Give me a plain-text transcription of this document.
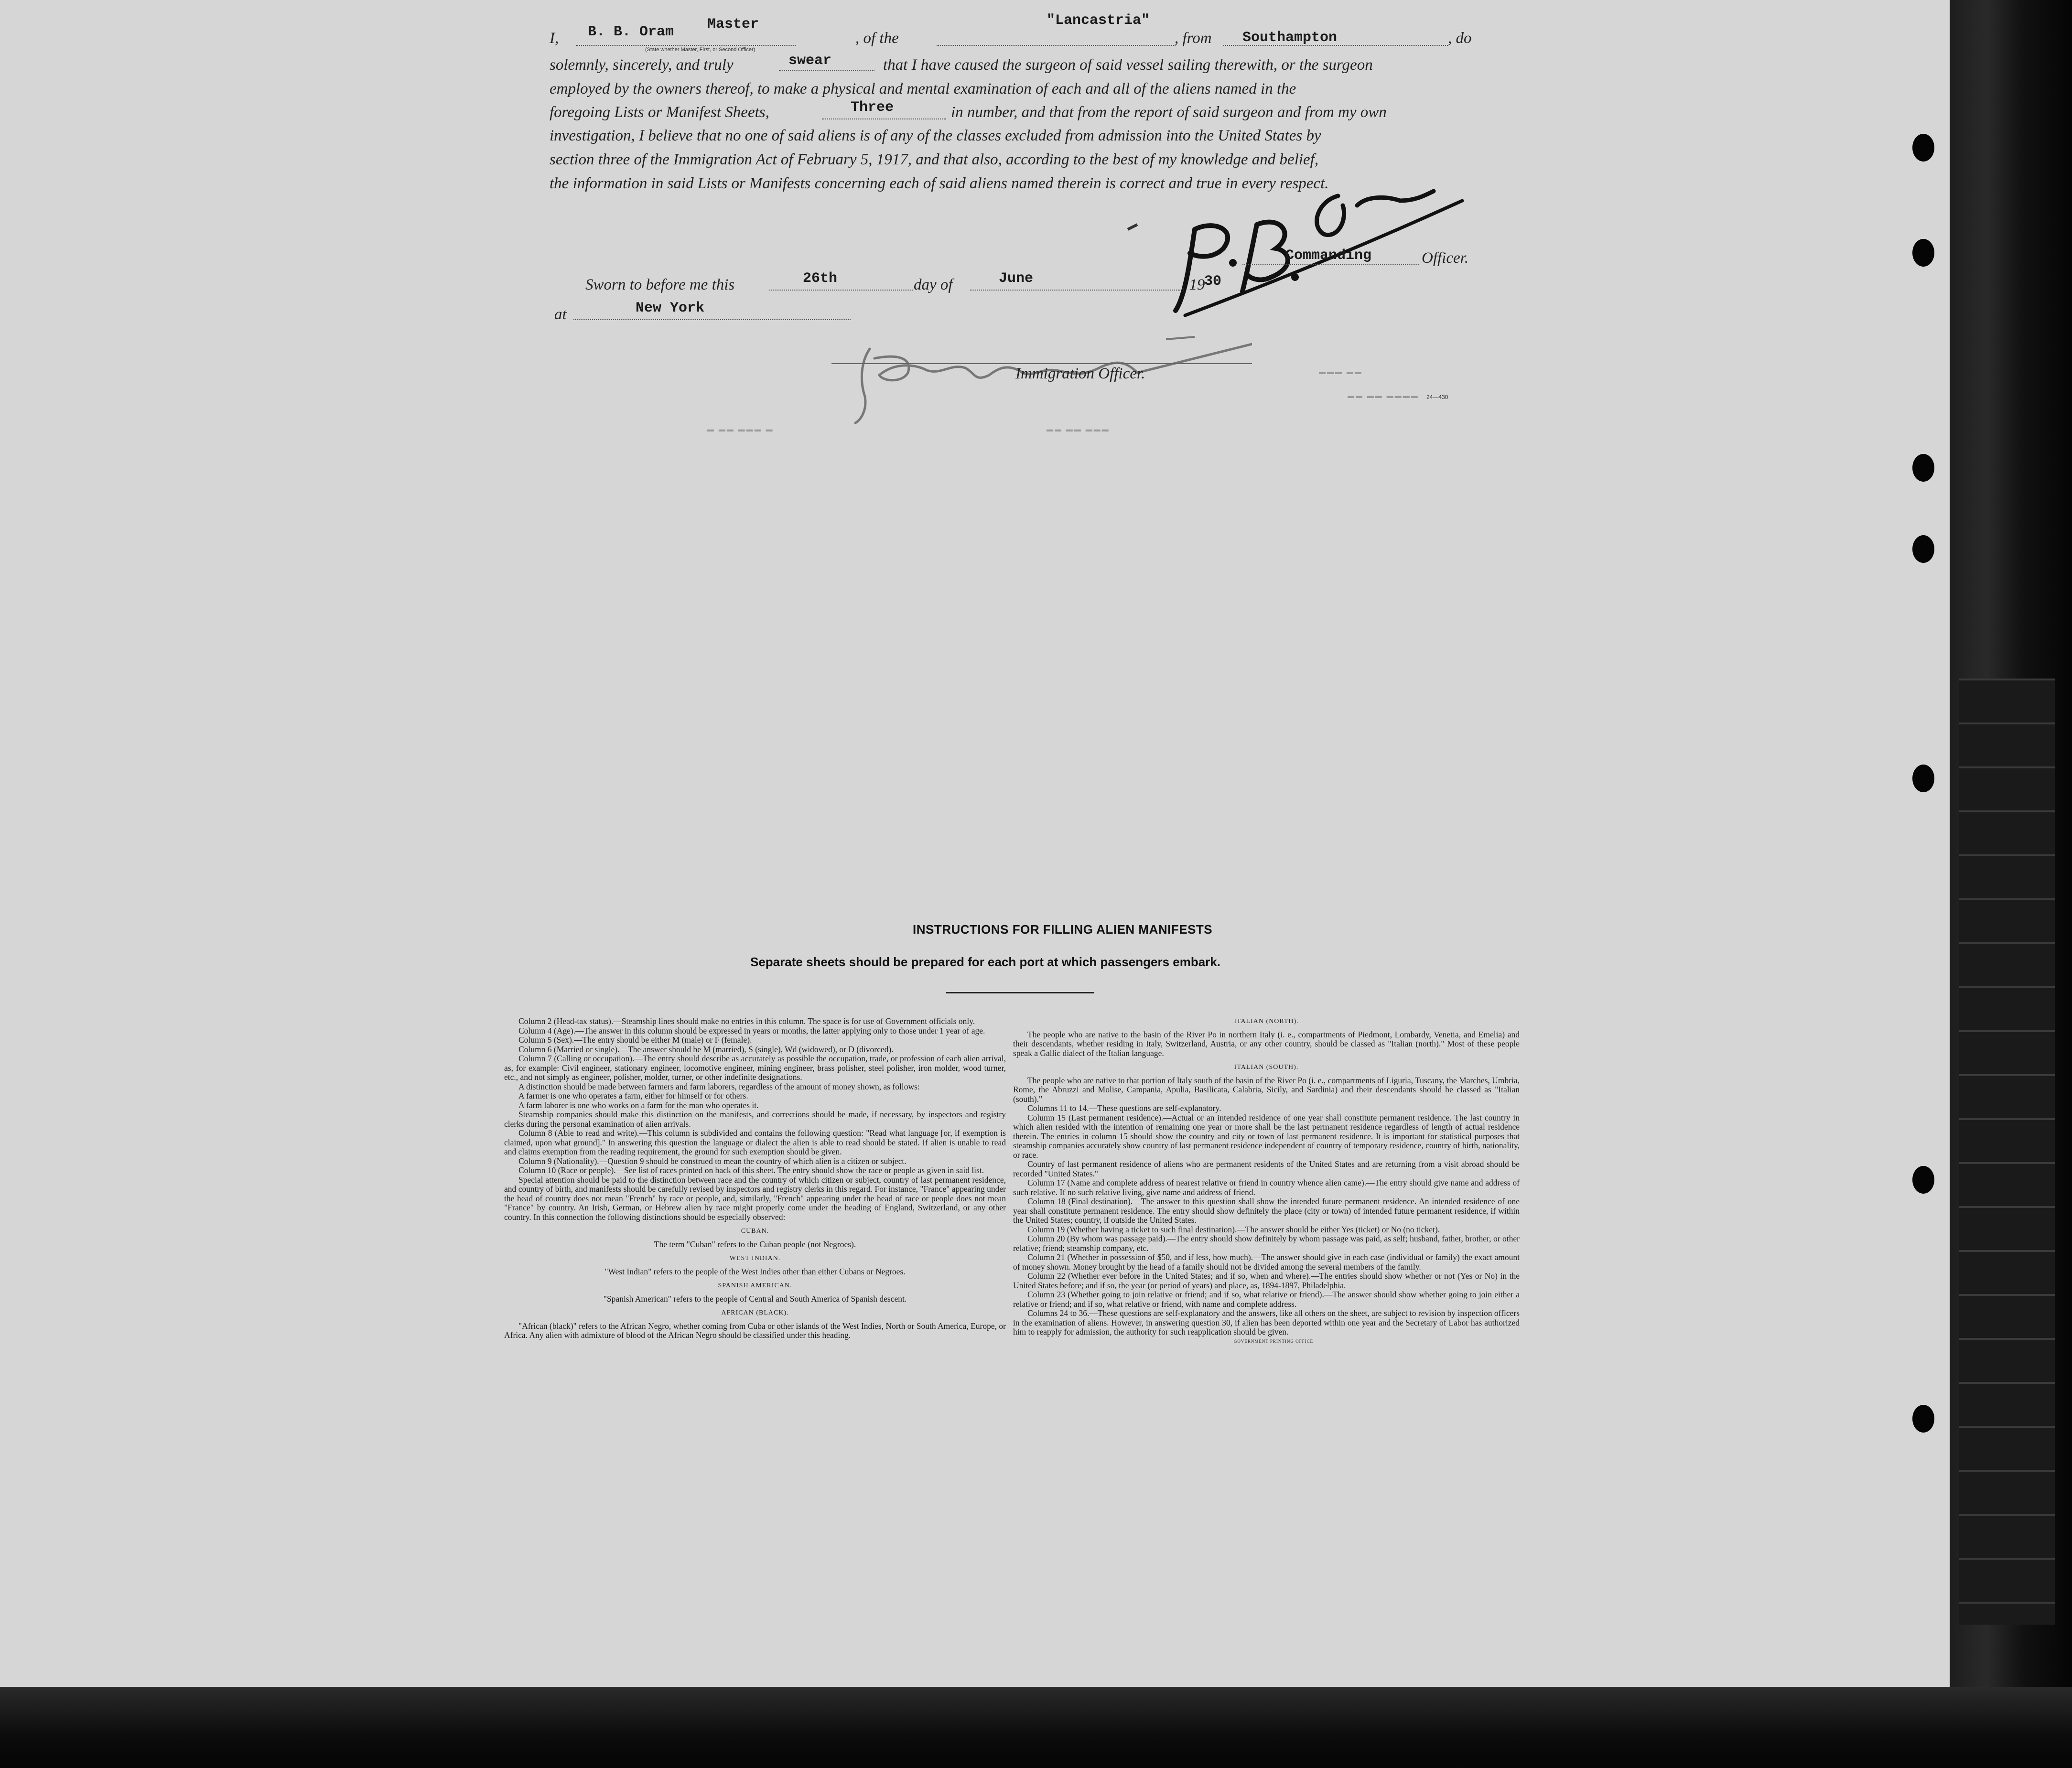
I, B. B. Oram Master
(State whether Master, First, or Second Officer)
, of the
"Lancastria"
, from Southampton	, do
solemnly, sincerely, and truly	swear	that I have caused the surgeon of said vessel sailing therewith, or the surgeon
employed by the owners thereof, to make a physical and mental examination of each and all of the aliens named in the
foregoing Lists or Manifest Sheets,	Three	in number, and that from the report of said surgeon and from my own
investigation, I believe that no one of said aliens is of any of the classes excluded from admission into the United States by
section three of the Immigration Act of February 5, 1917, and that also, according to the best of my knowledge and belief,
the information in said Lists or Manifests concerning each of said aliens named therein is correct and true in every respect.
Commanding	Officer.
Sworn to before me this	26th	day of	June	, 19
30
at	New York
Immigration Officer.
24—430
▬▬▬ ▬▬
▬▬ ▬▬ ▬▬▬▬
▬ ▬▬ ▬▬▬ ▬	▬▬ ▬▬ ▬▬▬
INSTRUCTIONS FOR FILLING ALIEN MANIFESTS
Separate sheets should be prepared for each port at which passengers embark.

Column 2 (Head-tax status).—Steamship lines should make no entries in this column. The space is for use of Government officials only.

Column 4 (Age).—The answer in this column should be expressed in years or months, the latter applying only to those under 1 year of age.

Column 5 (Sex).—The entry should be either M (male) or F (female).

Column 6 (Married or single).—The answer should be M (married), S (single), Wd (widowed), or D (divorced).

Column 7 (Calling or occupation).—The entry should describe as accurately as possible the occupation, trade, or profession of each alien arrival, as, for example: Civil engineer, stationary engineer, locomotive engineer, mining engineer, brass polisher, steel polisher, iron molder, wood turner, etc., and not simply as engineer, polisher, molder, turner, or other indefinite designations.

A distinction should be made between farmers and farm laborers, regardless of the amount of money shown, as follows:

A farmer is one who operates a farm, either for himself or for others.

A farm laborer is one who works on a farm for the man who operates it.

Steamship companies should make this distinction on the manifests, and corrections should be made, if necessary, by inspectors and registry clerks during the personal examination of alien arrivals.

Column 8 (Able to read and write).—This column is subdivided and contains the following question: "Read what language [or, if exemption is claimed, upon what ground]." In answering this question the language or dialect the alien is able to read should be stated. If alien is unable to read and claims exemption from the reading requirement, the ground for such exemption should be given.

Column 9 (Nationality).—Question 9 should be construed to mean the country of which alien is a citizen or subject.

Column 10 (Race or people).—See list of races printed on back of this sheet. The entry should show the race or people as given in said list.

Special attention should be paid to the distinction between race and the country of which citizen or subject, country of last permanent residence, and country of birth, and manifests should be carefully revised by inspectors and registry clerks in this regard. For instance, "France" appearing under the head of country does not mean "French" by race or people, and, similarly, "French" appearing under the head of race or people does not mean "France" by country. An Irish, German, or Hebrew alien by race might properly come under the heading of England, Switzerland, or any other country. In this connection the following distinctions should be especially observed:

CUBAN.

The term "Cuban" refers to the Cuban people (not Negroes).

WEST INDIAN.

"West Indian" refers to the people of the West Indies other than either Cubans or Negroes.

SPANISH AMERICAN.

"Spanish American" refers to the people of Central and South America of Spanish descent.

AFRICAN (BLACK).

"African (black)" refers to the African Negro, whether coming from Cuba or other islands of the West Indies, North or South America, Europe, or Africa. Any alien with admixture of blood of the African Negro should be classified under this heading.

ITALIAN (NORTH).

The people who are native to the basin of the River Po in northern Italy (i. e., compartments of Piedmont, Lombardy, Venetia, and Emelia) and their descendants, whether residing in Italy, Switzerland, Austria, or any other country, should be classed as "Italian (north)." Most of these people speak a Gallic dialect of the Italian language.

ITALIAN (SOUTH).

The people who are native to that portion of Italy south of the basin of the River Po (i. e., compartments of Liguria, Tuscany, the Marches, Umbria, Rome, the Abruzzi and Molise, Campania, Apulia, Basilicata, Calabria, Sicily, and Sardinia) and their descendants should be classed as "Italian (south)."

Columns 11 to 14.—These questions are self-explanatory.

Column 15 (Last permanent residence).—Actual or an intended residence of one year shall constitute permanent residence. The last country in which alien resided with the intention of remaining one year or more shall be the last permanent residence regardless of length of actual residence therein. The entries in column 15 should show the country and city or town of last permanent residence. It is important for statistical purposes that steamship companies accurately show country of last permanent residence independent of country of temporary residence, country of birth, nationality, or race.

Country of last permanent residence of aliens who are permanent residents of the United States and are returning from a visit abroad should be recorded "United States."

Column 17 (Name and complete address of nearest relative or friend in country whence alien came).—The entry should give name and address of such relative. If no such relative living, give name and address of friend.

Column 18 (Final destination).—The answer to this question shall show the intended future permanent residence. An intended residence of one year shall constitute permanent residence. The entry should show definitely the place (city or town) of intended future permanent residence, if within the United States; country, if outside the United States.

Column 19 (Whether having a ticket to such final destination).—The answer should be either Yes (ticket) or No (no ticket).

Column 20 (By whom was passage paid).—The entry should show definitely by whom passage was paid, as self; husband, father, brother, or other relative; friend; steamship company, etc.

Column 21 (Whether in possession of $50, and if less, how much).—The answer should give in each case (individual or family) the exact amount of money shown. Money brought by the head of a family should not be divided among the several members of the family.

Column 22 (Whether ever before in the United States; and if so, when and where).—The entries should show whether or not (Yes or No) in the United States before; and if so, the year (or period of years) and place, as, 1894-1897, Philadelphia.

Column 23 (Whether going to join relative or friend; and if so, what relative or friend).—The answer should show whether going to join either a relative or friend; and if so, what relative or friend, with name and complete address.

Columns 24 to 36.—These questions are self-explanatory and the answers, like all others on the sheet, are subject to revision by inspection officers in the examination of aliens. However, in answering question 30, if alien has been deported within one year and the Secretary of Labor has authorized him to reapply for admission, the authority for such reapplication should be given.

GOVERNMENT PRINTING OFFICE
